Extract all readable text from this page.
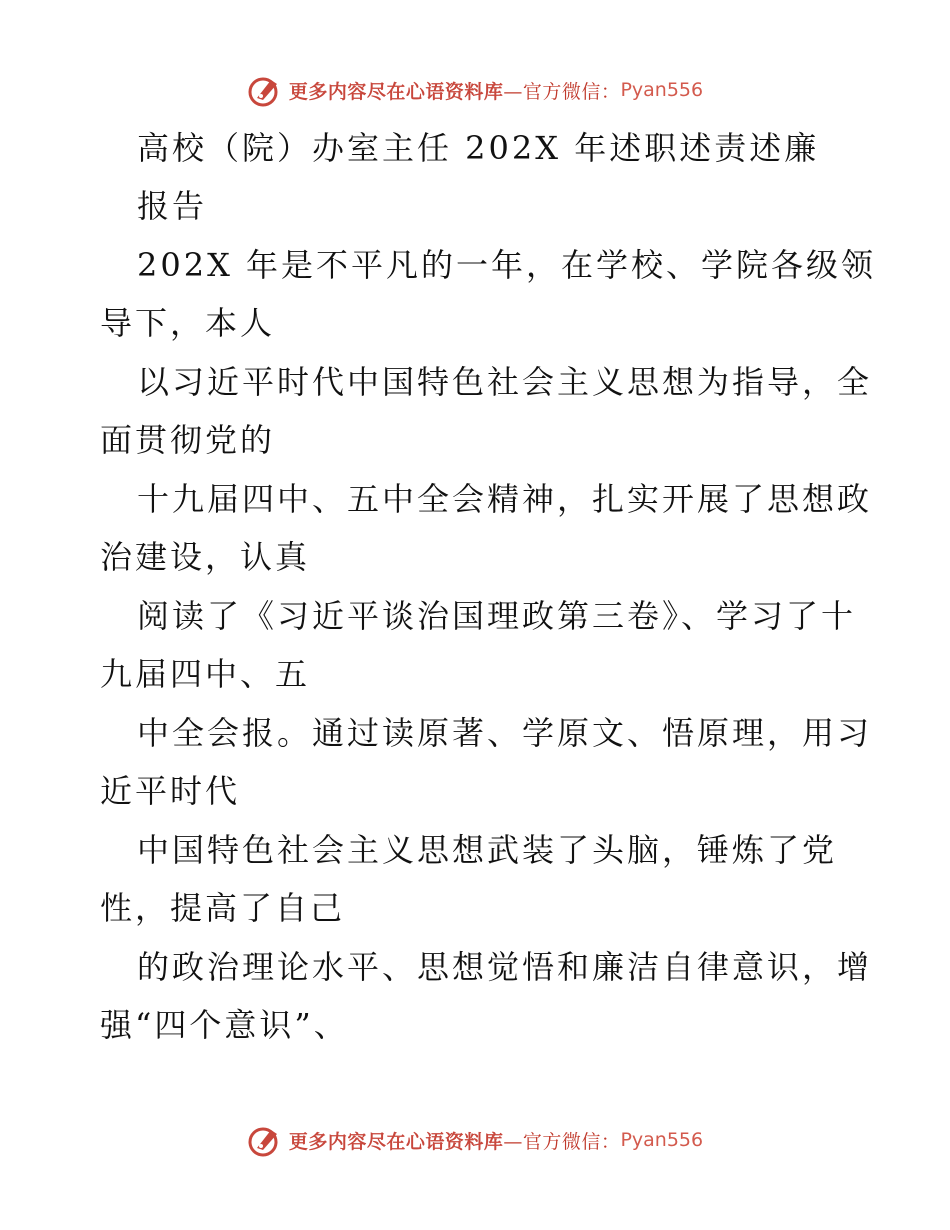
更多内容尽在心语资料库 —官方微信： Pyan556
高校（院）办室主任 202X 年述职述责述廉
报告
202X 年是不平凡的一年，在学校、学院各级领
导下，本人
以习近平时代中国特色社会主义思想为指导，全
面贯彻党的
十九届四中、五中全会精神，扎实开展了思想政
治建设，认真
阅读了《习近平谈治国理政第三卷》、学习了十
九届四中、五
中全会报。通过读原著、学原文、悟原理，用习
近平时代
中国特色社会主义思想武装了头脑，锤炼了党
性，提高了自己
的政治理论水平、思想觉悟和廉洁自律意识，增
强“四个意识”、
更多内容尽在心语资料库 —官方微信： Pyan556
